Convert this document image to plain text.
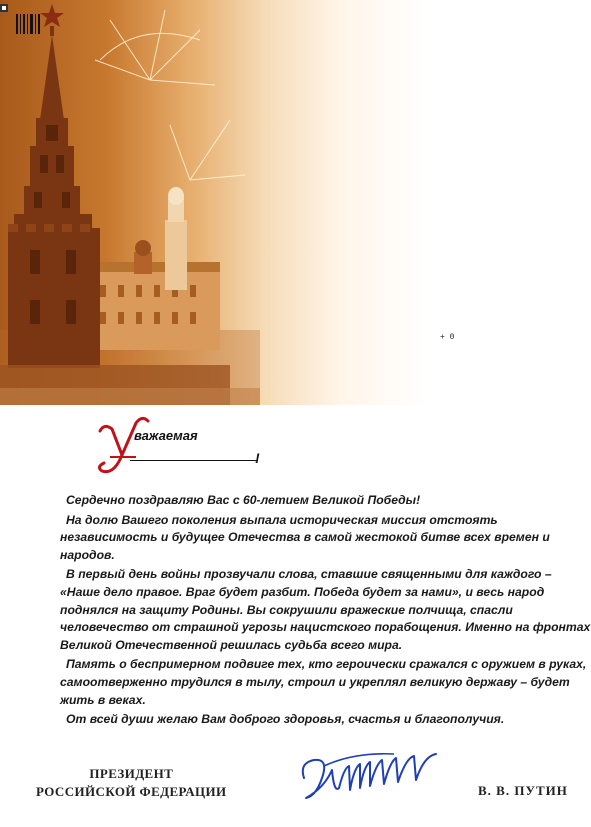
+ 0
важаемая
!

Сердечно поздравляю Вас с 60-летием Великой Победы!

На долю Вашего поколения выпала историческая миссия отстоять
независимость и будущее Отечества в самой жестокой битве всех времен и
народов.

В первый день войны прозвучали слова, ставшие священными для каждого –
«Наше дело правое. Враг будет разбит. Победа будет за нами», и весь народ
поднялся на защиту Родины. Вы сокрушили вражеские полчища, спасли
человечество от страшной угрозы нацистского порабощения. Именно на фронтах
Великой Отечественной решилась судьба всего мира.

Память о беспримерном подвиге тех, кто героически сражался с оружием в руках,
самоотверженно трудился в тылу, строил и укреплял великую державу – будет
жить в веках.

От всей души желаю Вам доброго здоровья, счастья и благополучия.

ПРЕЗИДЕНТ
РОССИЙСКОЙ ФЕДЕРАЦИИ	В. В. ПУТИН
